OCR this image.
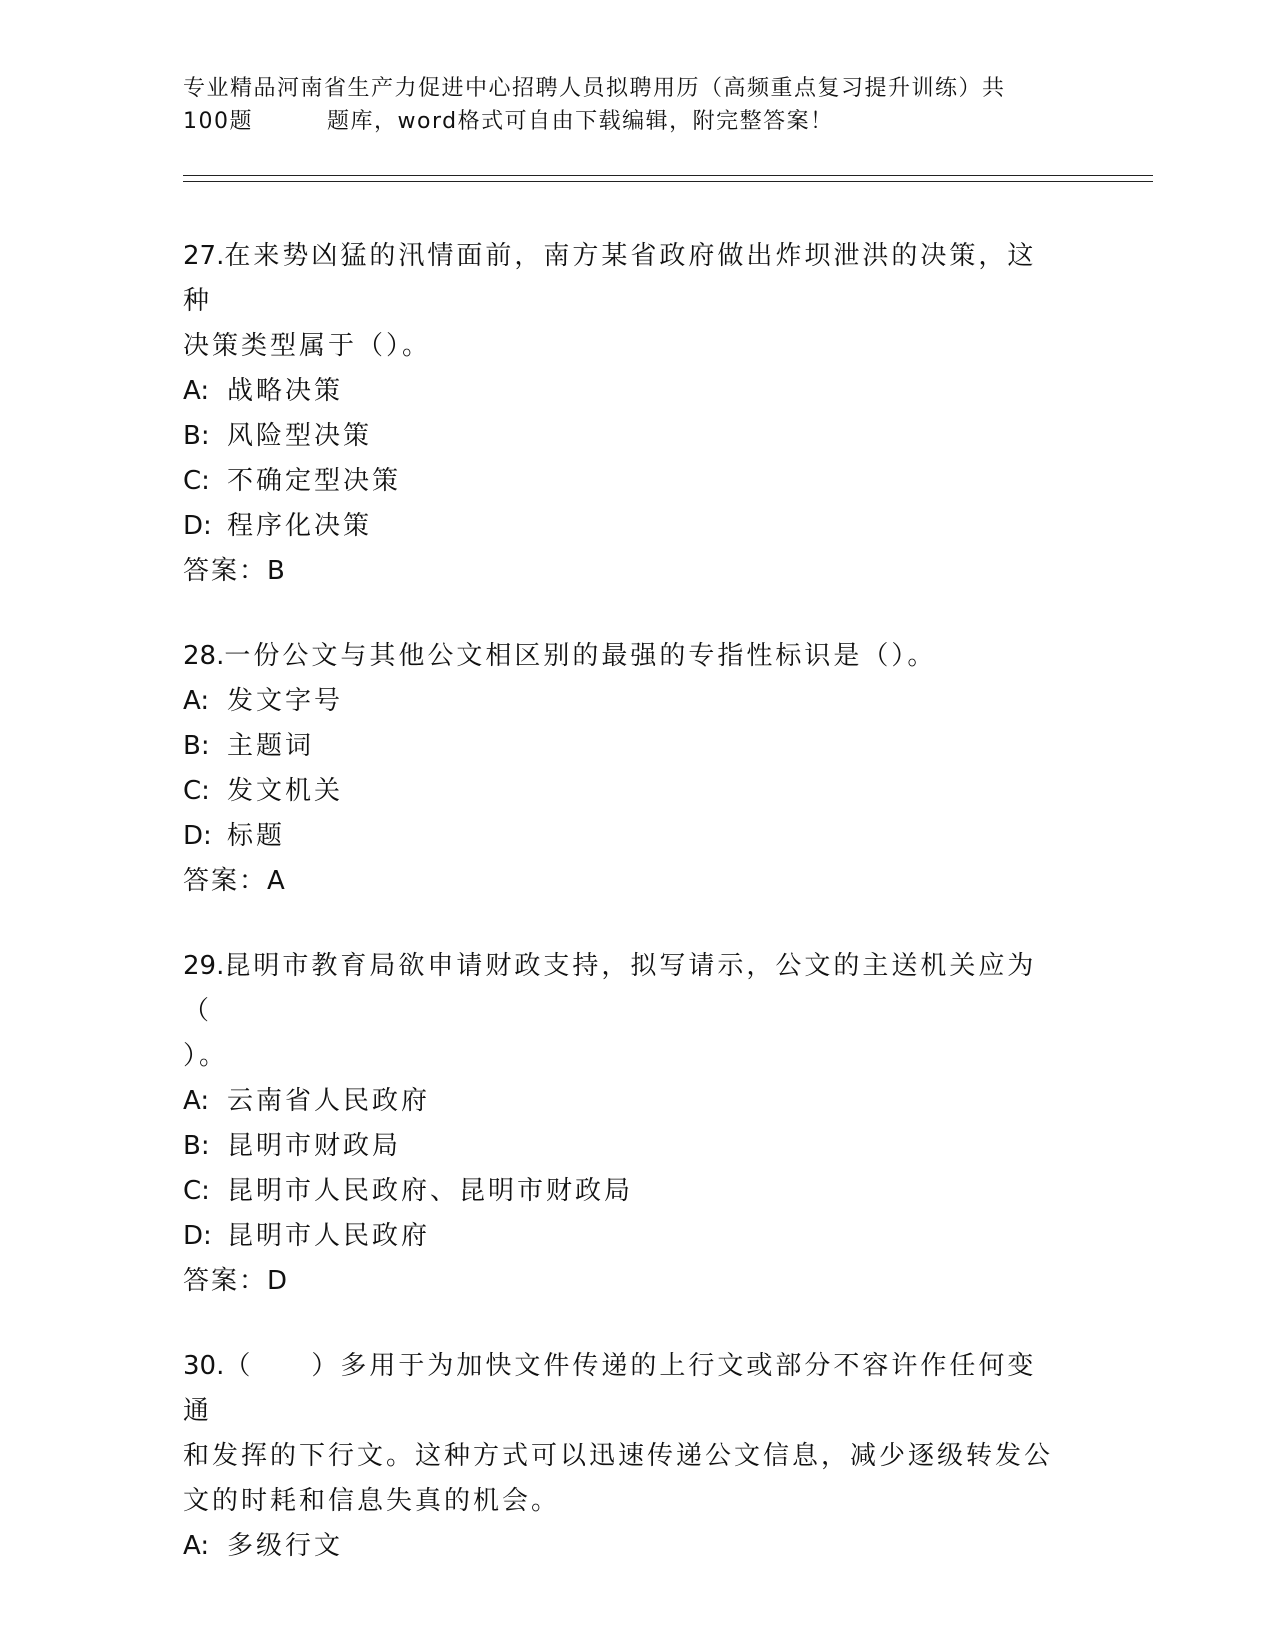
专业精品河南省生产力促进中心招聘人员拟聘用历（高频重点复习提升训练）共
100题	题库，word格式可自由下载编辑，附完整答案！
27.在来势凶猛的汛情面前，南方某省政府做出炸坝泄洪的决策，这种
决策类型属于（）。
A: 战略决策
B: 风险型决策
C: 不确定型决策
D: 程序化决策
答案：B
28.一份公文与其他公文相区别的最强的专指性标识是（）。
A: 发文字号
B: 主题词
C: 发文机关
D: 标题
答案：A
29.昆明市教育局欲申请财政支持，拟写请示，公文的主送机关应为（
）。
A: 云南省人民政府
B: 昆明市财政局
C: 昆明市人民政府、昆明市财政局
D: 昆明市人民政府
答案：D
30.（　　）多用于为加快文件传递的上行文或部分不容许作任何变通
和发挥的下行文。这种方式可以迅速传递公文信息，减少逐级转发公
文的时耗和信息失真的机会。
A: 多级行文
